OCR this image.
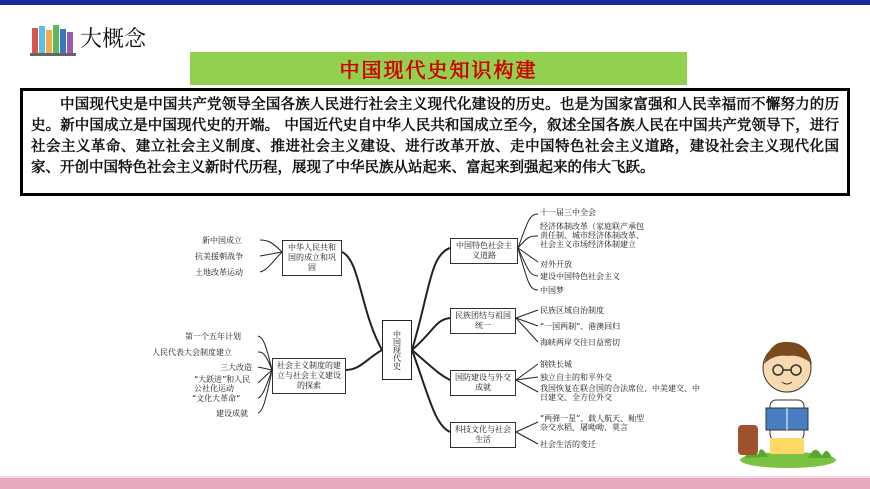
大概念
中国现代史知识构建
中国现代史是中国共产党领导全国各族人民进行社会主义现代化建设的历史。也是为国家富强和人民幸福而不懈努力的历史。新中国成立是中国现代史的开端。 中国近代史自中华人民共和国成立至今，叙述全国各族人民在中国共产党领导下，进行社会主义革命、建立社会主义制度、推进社会主义建设、进行改革开放、走中国特色社会主义道路，建设社会主义现代化国家、开创中国特色社会主义新时代历程，展现了中华民族从站起来、富起来到强起来的伟大飞跃。
中国现代史
中华人民共和国的成立和巩固
新中国成立
抗美援朝战争
土地改革运动
社会主义制度的建立与社会主义建设的探索
第一个五年计划
人民代表大会制度建立
三大改造
“大跃进”和人民公社化运动
“文化大革命”
建设成就
中国特色社会主义道路
十一届三中全会
经济体制改革（家庭联产承包责任制、城市经济体制改革、社会主义市场经济体制建立
对外开放
建设中国特色社会主义
中国梦
民族团结与祖国统一
民族区域自治制度
“一国两制”、港澳回归
海峡两岸交往日益密切
国防建设与外交成就
钢铁长城
独立自主的和平外交
我国恢复在联合国的合法席位、中美建交、中日建交、全方位外交
科技文化与社会生活
“两弹一星”、载人航天、籼型杂交水稻、屠呦呦、莫言
社会生活的变迁
